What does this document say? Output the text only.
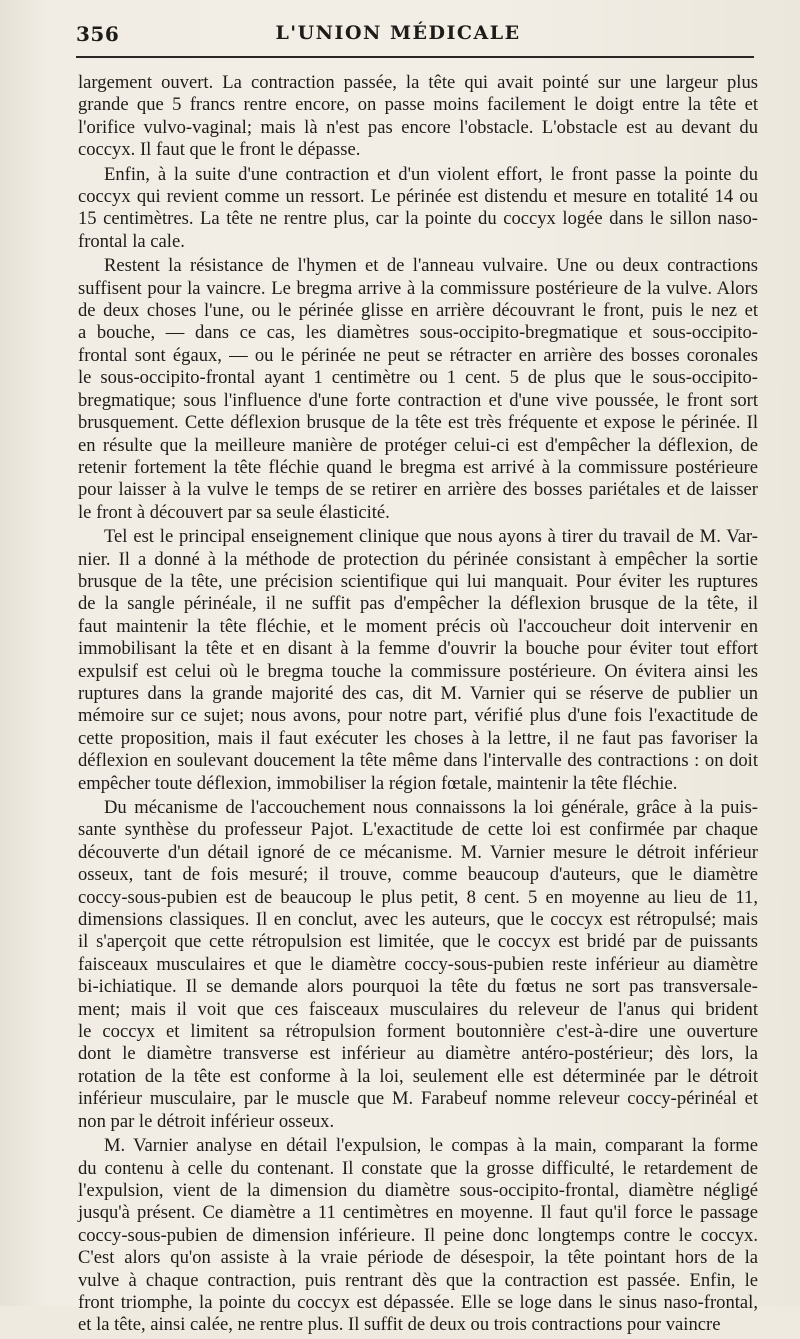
356	L'UNION MÉDICALE
largement ouvert. La contraction passée, la tête qui avait pointé sur une largeur plus
grande que 5 francs rentre encore, on passe moins facilement le doigt entre la tête et
l'orifice vulvo-vaginal; mais là n'est pas encore l'obstacle. L'obstacle est au devant du
coccyx. Il faut que le front le dépasse.
Enfin, à la suite d'une contraction et d'un violent effort, le front passe la pointe du
coccyx qui revient comme un ressort. Le périnée est distendu et mesure en totalité 14 ou
15 centimètres. La tête ne rentre plus, car la pointe du coccyx logée dans le sillon naso-
frontal la cale.
Restent la résistance de l'hymen et de l'anneau vulvaire. Une ou deux contractions
suffisent pour la vaincre. Le bregma arrive à la commissure postérieure de la vulve. Alors
de deux choses l'une, ou le périnée glisse en arrière découvrant le front, puis le nez et
a bouche, — dans ce cas, les diamètres sous-occipito-bregmatique et sous-occipito-
frontal sont égaux, — ou le périnée ne peut se rétracter en arrière des bosses coronales
le sous-occipito-frontal ayant 1 centimètre ou 1 cent. 5 de plus que le sous-occipito-
bregmatique; sous l'influence d'une forte contraction et d'une vive poussée, le front sort
brusquement. Cette déflexion brusque de la tête est très fréquente et expose le périnée. Il
en résulte que la meilleure manière de protéger celui-ci est d'empêcher la déflexion, de
retenir fortement la tête fléchie quand le bregma est arrivé à la commissure postérieure
pour laisser à la vulve le temps de se retirer en arrière des bosses pariétales et de laisser
le front à découvert par sa seule élasticité.
Tel est le principal enseignement clinique que nous ayons à tirer du travail de M. Var-
nier. Il a donné à la méthode de protection du périnée consistant à empêcher la sortie
brusque de la tête, une précision scientifique qui lui manquait. Pour éviter les ruptures
de la sangle périnéale, il ne suffit pas d'empêcher la déflexion brusque de la tête, il
faut maintenir la tête fléchie, et le moment précis où l'accoucheur doit intervenir en
immobilisant la tête et en disant à la femme d'ouvrir la bouche pour éviter tout effort
expulsif est celui où le bregma touche la commissure postérieure. On évitera ainsi les
ruptures dans la grande majorité des cas, dit M. Varnier qui se réserve de publier un
mémoire sur ce sujet; nous avons, pour notre part, vérifié plus d'une fois l'exactitude de
cette proposition, mais il faut exécuter les choses à la lettre, il ne faut pas favoriser la
déflexion en soulevant doucement la tête même dans l'intervalle des contractions : on doit
empêcher toute déflexion, immobiliser la région fœtale, maintenir la tête fléchie.
Du mécanisme de l'accouchement nous connaissons la loi générale, grâce à la puis-
sante synthèse du professeur Pajot. L'exactitude de cette loi est confirmée par chaque
découverte d'un détail ignoré de ce mécanisme. M. Varnier mesure le détroit inférieur
osseux, tant de fois mesuré; il trouve, comme beaucoup d'auteurs, que le diamètre
coccy-sous-pubien est de beaucoup le plus petit, 8 cent. 5 en moyenne au lieu de 11,
dimensions classiques. Il en conclut, avec les auteurs, que le coccyx est rétropulsé; mais
il s'aperçoit que cette rétropulsion est limitée, que le coccyx est bridé par de puissants
faisceaux musculaires et que le diamètre coccy-sous-pubien reste inférieur au diamètre
bi-ichiatique. Il se demande alors pourquoi la tête du fœtus ne sort pas transversale-
ment; mais il voit que ces faisceaux musculaires du releveur de l'anus qui brident
le coccyx et limitent sa rétropulsion forment boutonnière c'est-à-dire une ouverture
dont le diamètre transverse est inférieur au diamètre antéro-postérieur; dès lors, la
rotation de la tête est conforme à la loi, seulement elle est déterminée par le détroit
inférieur musculaire, par le muscle que M. Farabeuf nomme releveur coccy-périnéal et
non par le détroit inférieur osseux.
M. Varnier analyse en détail l'expulsion, le compas à la main, comparant la forme
du contenu à celle du contenant. Il constate que la grosse difficulté, le retardement de
l'expulsion, vient de la dimension du diamètre sous-occipito-frontal, diamètre négligé
jusqu'à présent. Ce diamètre a 11 centimètres en moyenne. Il faut qu'il force le passage
coccy-sous-pubien de dimension inférieure. Il peine donc longtemps contre le coccyx.
C'est alors qu'on assiste à la vraie période de désespoir, la tête pointant hors de la
vulve à chaque contraction, puis rentrant dès que la contraction est passée. Enfin, le
front triomphe, la pointe du coccyx est dépassée. Elle se loge dans le sinus naso-frontal,
et la tête, ainsi calée, ne rentre plus. Il suffit de deux ou trois contractions pour vaincre
